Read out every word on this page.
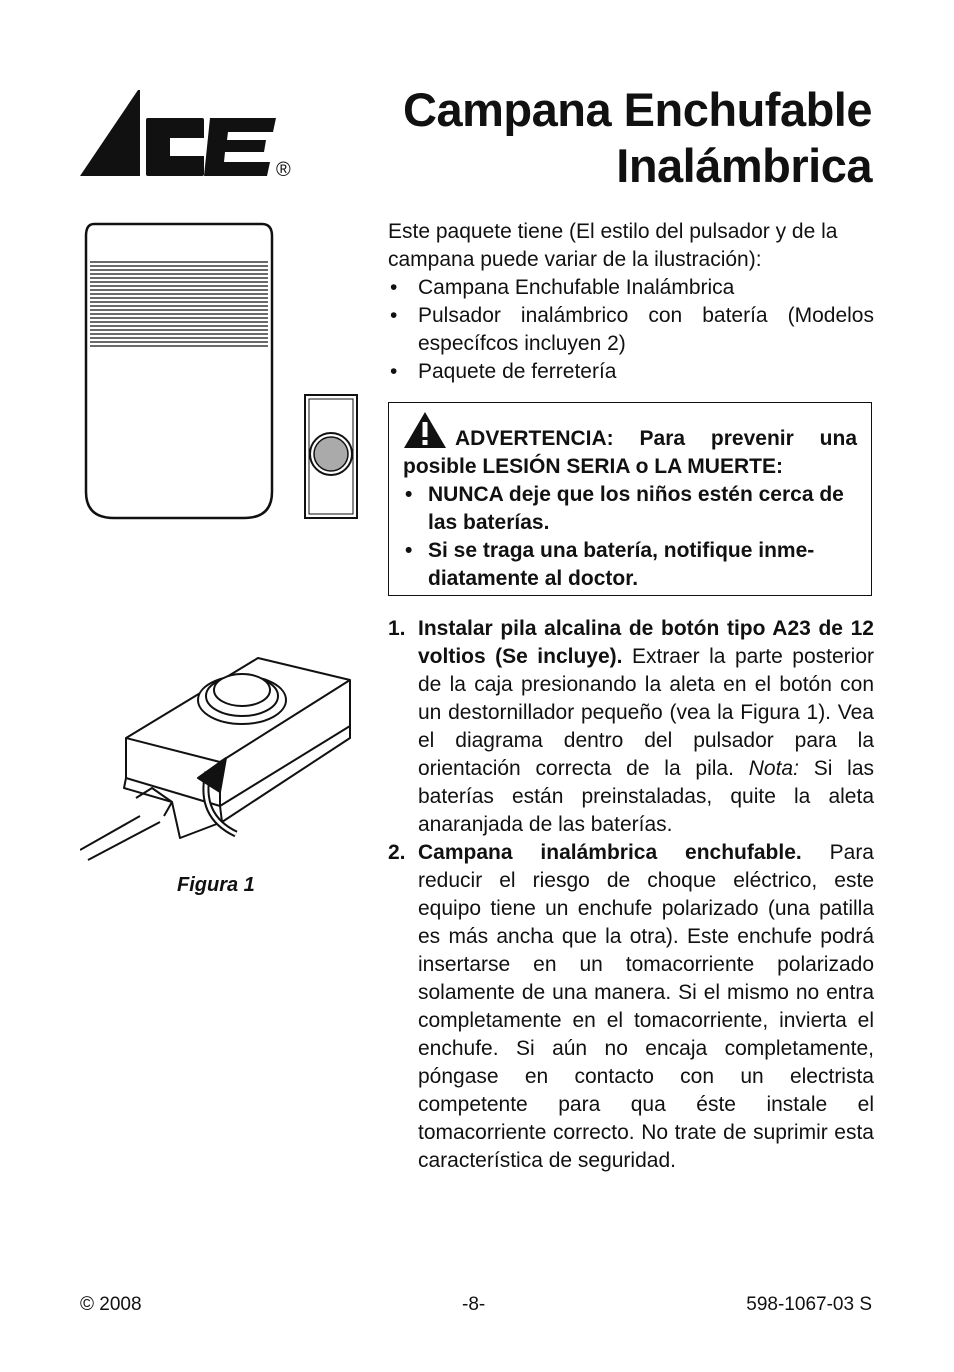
®
Campana Enchufable
Inalámbrica

Este paquete tiene (El estilo del pulsador y de la campana puede variar de la ilustración):

• Campana Enchufable Inalámbrica
• Pulsador inalámbrico con batería (Modelos específcos incluyen 2)
• Paquete de ferretería
ADVERTENCIA: Para prevenir una posible LESIÓN SERIA o LA MUERTE:
• NUNCA deje que los niños estén cerca de las baterías.
• Si se traga una batería, notifique inmediatamente al doctor.
Figura 1
1. Instalar pila alcalina de botón tipo A23 de 12 voltios (Se incluye). Extraer la parte posterior de la caja presionando la aleta en el botón con un destornillador pequeño (vea la Figura 1). Vea el diagrama dentro del pulsador para la orientación correcta de la pila. Nota: Si las baterías están preinstaladas, quite la aleta anaranjada de las baterías.
2. Campana inalámbrica enchufable. Para reducir el riesgo de choque eléctrico, este equipo tiene un enchufe polarizado (una patilla es más ancha que la otra). Este enchufe podrá insertarse en un tomacorriente polarizado solamente de una manera. Si el mismo no entra completamente en el tomacorriente, invierta el enchufe. Si aún no encaja completamente, póngase en contacto con un electrista competente para qua éste instale el tomacorriente correcto. No trate de suprimir esta característica de seguridad.
© 2008	-8-	598-1067-03 S
